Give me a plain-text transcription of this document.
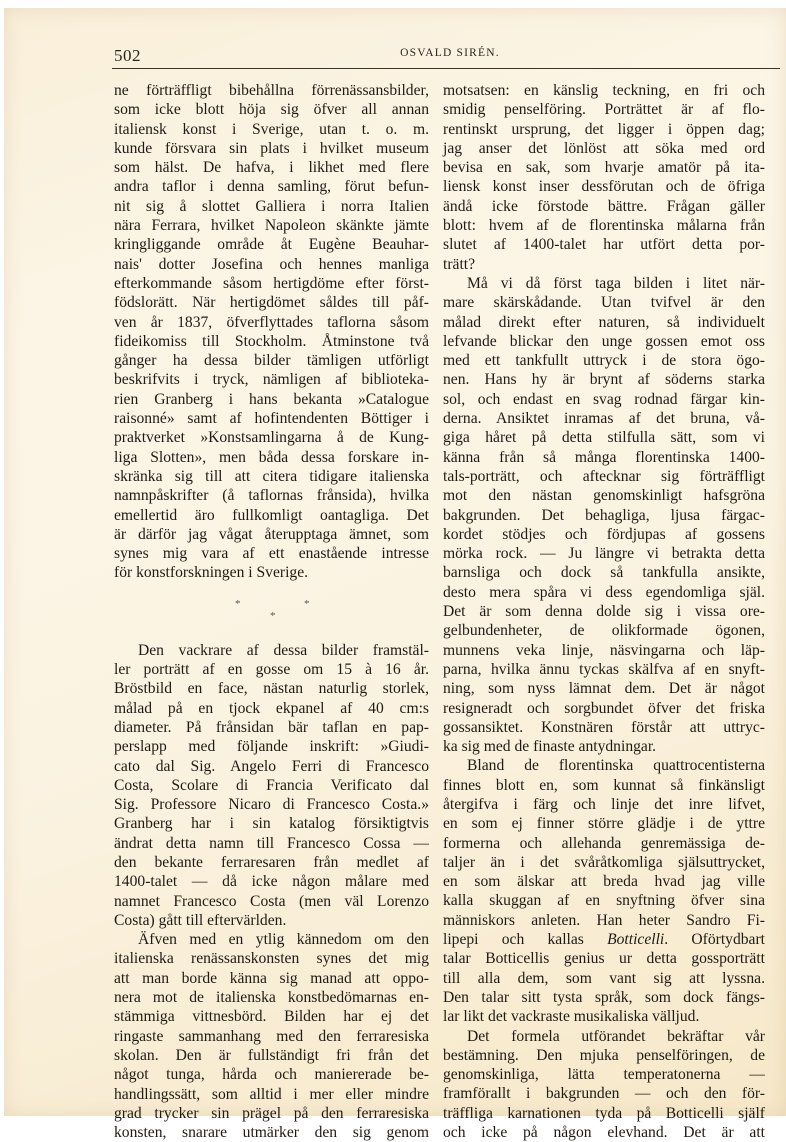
502	OSVALD SIRÉN.
ne förträffligt bibehållna förrenässansbilder,
som icke blott höja sig öfver all annan
italiensk konst i Sverige, utan t. o. m.
kunde försvara sin plats i hvilket museum
som hälst. De hafva, i likhet med flere
andra taflor i denna samling, förut befun-
nit sig å slottet Galliera i norra Italien
nära Ferrara, hvilket Napoleon skänkte jämte
kringliggande område åt Eugène Beauhar-
nais' dotter Josefina och hennes manliga
efterkommande såsom hertigdöme efter först-
födslorätt. När hertigdömet såldes till påf-
ven år 1837, öfverflyttades taflorna såsom
fideikomiss till Stockholm. Åtminstone två
gånger ha dessa bilder tämligen utförligt
beskrifvits i tryck, nämligen af biblioteka-
rien Granberg i hans bekanta »Catalogue
raisonné» samt af hofintendenten Böttiger i
praktverket »Konstsamlingarna å de Kung-
liga Slotten», men båda dessa forskare in-
skränka sig till att citera tidigare italienska
namnpåskrifter (å taflornas frånsida), hvilka
emellertid äro fullkomligt oantagliga. Det
är därför jag vågat återupptaga ämnet, som
synes mig vara af ett enastående intresse
för konstforskningen i Sverige.
*	*
*
Den vackrare af dessa bilder framstäl-
ler porträtt af en gosse om 15 à 16 år.
Bröstbild en face, nästan naturlig storlek,
målad på en tjock ekpanel af 40 cm:s
diameter. På frånsidan bär taflan en pap-
perslapp med följande inskrift: »Giudi-
cato dal Sig. Angelo Ferri di Francesco
Costa, Scolare di Francia Verificato dal
Sig. Professore Nicaro di Francesco Costa.»
Granberg har i sin katalog försiktigtvis
ändrat detta namn till Francesco Cossa —
den bekante ferraresaren från medlet af
1400-talet — då icke någon målare med
namnet Francesco Costa (men väl Lorenzo
Costa) gått till eftervärlden.
Äfven med en ytlig kännedom om den
italienska renässanskonsten synes det mig
att man borde känna sig manad att oppo-
nera mot de italienska konstbedömarnas en-
stämmiga vittnesbörd. Bilden har ej det
ringaste sammanhang med den ferraresiska
skolan. Den är fullständigt fri från det
något tunga, hårda och maniererade be-
handlingssätt, som alltid i mer eller mindre
grad trycker sin prägel på den ferraresiska
konsten, snarare utmärker den sig genom
motsatsen: en känslig teckning, en fri och
smidig penselföring. Porträttet är af flo-
rentinskt ursprung, det ligger i öppen dag;
jag anser det lönlöst att söka med ord
bevisa en sak, som hvarje amatör på ita-
liensk konst inser dessförutan och de öfriga
ändå icke förstode bättre. Frågan gäller
blott: hvem af de florentinska målarna från
slutet af 1400-talet har utfört detta por-
trätt?
Må vi då först taga bilden i litet när-
mare skärskådande. Utan tvifvel är den
målad direkt efter naturen, så individuelt
lefvande blickar den unge gossen emot oss
med ett tankfullt uttryck i de stora ögo-
nen. Hans hy är brynt af söderns starka
sol, och endast en svag rodnad färgar kin-
derna. Ansiktet inramas af det bruna, vå-
giga håret på detta stilfulla sätt, som vi
känna från så många florentinska 1400-
tals-porträtt, och aftecknar sig förträffligt
mot den nästan genomskinligt hafsgröna
bakgrunden. Det behagliga, ljusa färgac-
kordet stödjes och fördjupas af gossens
mörka rock. — Ju längre vi betrakta detta
barnsliga och dock så tankfulla ansikte,
desto mera spåra vi dess egendomliga själ.
Det är som denna dolde sig i vissa ore-
gelbundenheter, de olikformade ögonen,
munnens veka linje, näsvingarna och läp-
parna, hvilka ännu tyckas skälfva af en snyft-
ning, som nyss lämnat dem. Det är något
resigneradt och sorgbundet öfver det friska
gossansiktet. Konstnären förstår att uttryc-
ka sig med de finaste antydningar.
Bland de florentinska quattrocentisterna
finnes blott en, som kunnat så finkänsligt
återgifva i färg och linje det inre lifvet,
en som ej finner större glädje i de yttre
formerna och allehanda genremässiga de-
taljer än i det svåråtkomliga själsuttrycket,
en som älskar att breda hvad jag ville
kalla skuggan af en snyftning öfver sina
människors anleten. Han heter Sandro Fi-
lipepi och kallas Botticelli. Oförtydbart
talar Botticellis genius ur detta gossporträtt
till alla dem, som vant sig att lyssna.
Den talar sitt tysta språk, som dock fängs-
lar likt det vackraste musikaliska välljud.
Det formela utförandet bekräftar vår
bestämning. Den mjuka penselföringen, de
genomskinliga, lätta temperatonerna —
framförallt i bakgrunden — och den för-
träffliga karnationen tyda på Botticelli själf
och icke på någon elevhand. Det är att
